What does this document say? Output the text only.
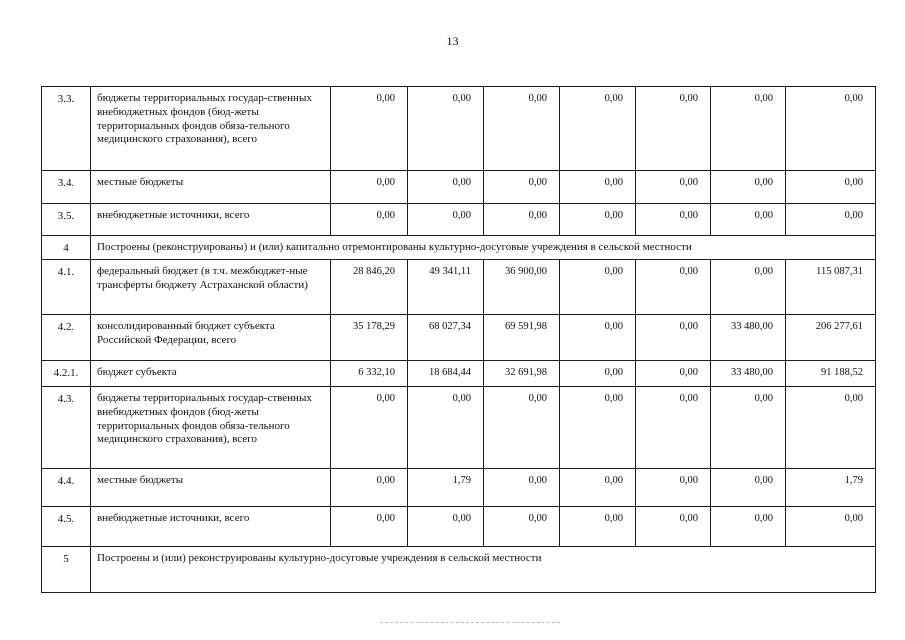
13
3.3.	бюджеты территориальных государ-ственных внебюджетных фондов (бюд-жеты территориальных фондов обяза-тельного медицинского страхования), всего	0,00	0,00	0,00	0,00	0,00	0,00	0,00
3.4.	местные бюджеты	0,00	0,00	0,00	0,00	0,00	0,00	0,00
3.5.	внебюджетные источники, всего	0,00	0,00	0,00	0,00	0,00	0,00	0,00
4	Построены (реконструированы) и (или) капитально отремонтированы культурно-досуговые учреждения в сельской местности							
4.1.	федеральный бюджет (в т.ч. межбюджет-ные трансферты бюджету Астраханской области)	28 846,20	49 341,11	36 900,00	0,00	0,00	0,00	115 087,31
4.2.	консолидированный бюджет субъекта Российской Федерации, всего	35 178,29	68 027,34	69 591,98	0,00	0,00	33 480,00	206 277,61
4.2.1.	бюджет субъекта	6 332,10	18 684,44	32 691,98	0,00	0,00	33 480,00	91 188,52
4.3.	бюджеты территориальных государ-ственных внебюджетных фондов (бюд-жеты территориальных фондов обяза-тельного медицинского страхования), всего	0,00	0,00	0,00	0,00	0,00	0,00	0,00
4.4.	местные бюджеты	0,00	1,79	0,00	0,00	0,00	0,00	1,79
4.5.	внебюджетные источники, всего	0,00	0,00	0,00	0,00	0,00	0,00	0,00
5	Построены и (или) реконструированы культурно-досуговые учреждения в сельской местности							
